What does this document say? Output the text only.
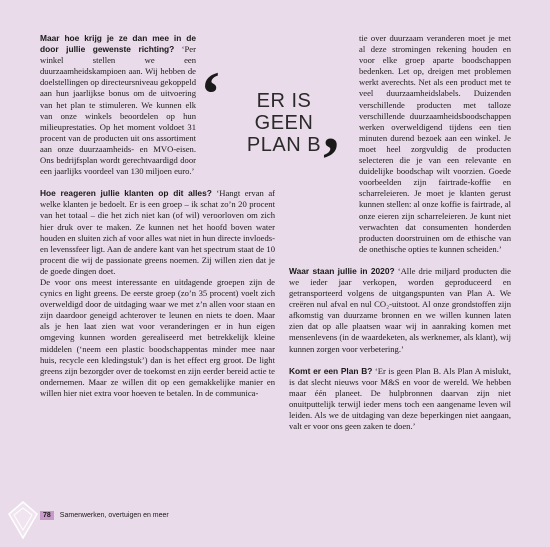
Maar hoe krijg je ze dan mee in de door jullie gewenste richting? ‘Per winkel stellen we een duurzaamheidskampioen aan. Wij hebben de doelstellingen op directeursniveau gekoppeld aan hun jaarlijkse bonus om de uitvoering van het plan te stimuleren. We kunnen elk van onze winkels beoordelen op hun milieuprestaties. Op het moment voldoet 31 procent van de producten uit ons assortiment aan onze duurzaamheids- en MVO-eisen. Ons bedrijfsplan wordt gerechtvaardigd door een jaarlijks voordeel van 130 miljoen euro.’

Hoe reageren jullie klanten op dit alles? ‘Hangt ervan af welke klanten je bedoelt. Er is een groep – ik schat zo’n 20 procent van het totaal – die het zich niet kan (of wil) veroorloven om zich hier druk over te maken. Ze kunnen net het hoofd boven water houden en sluiten zich af voor alles wat niet in hun directe invloeds- en levenssfeer ligt. Aan de andere kant van het spectrum staat de 10 procent die wij de passionate greens noemen. Zij willen zien dat je de goede dingen doet.

De voor ons meest interessante en uitdagende groepen zijn de cynics en light greens. De eerste groep (zo’n 35 procent) voelt zich overweldigd door de uitdaging waar we met z’n allen voor staan en zijn daardoor geneigd achterover te leunen en niets te doen. Maar als je hen laat zien wat voor veranderingen er in hun eigen omgeving kunnen worden gerealiseerd met betrekkelijk kleine middelen (‘neem een plastic boodschappentas minder mee naar huis, recycle een kledingstuk’) dan is het effect erg groot. De light greens zijn bezorgder over de toekomst en zijn eerder bereid actie te ondernemen. Maar ze willen dit op een gemakkelijke manier en willen hier niet extra voor hoeven te betalen. In de communica-

‘	ER IS GEEN PLAN B
’

tie over duurzaam veranderen moet je met al deze stromingen rekening houden en voor elke groep aparte boodschappen bedenken. Let op, dreigen met problemen werkt averechts. Net als een product met te veel duurzaamheidslabels. Duizenden verschillende producten met talloze verschillende duurzaamheidsboodschappen werken overweldigend tijdens een tien minuten durend bezoek aan een winkel. Je moet heel zorgvuldig de producten selecteren die je van een relevante en duidelijke boodschap wilt voorzien. Goede voorbeelden zijn fairtrade-koffie en scharreleieren. Je moet je klanten gerust kunnen stellen: al onze koffie is fairtrade, al onze eieren zijn scharreleieren. Je kunt niet verwachten dat consumenten honderden producten doorstruinen om de ethische van de onethische opties te kunnen scheiden.’

Waar staan jullie in 2020? ‘Alle drie miljard producten die we ieder jaar verkopen, worden geproduceerd en getransporteerd volgens de uitgangspunten van Plan A. We creëren nul afval en nul CO₂-uitstoot. Al onze grondstoffen zijn afkomstig van duurzame bronnen en we willen kunnen laten zien dat op alle plaatsen waar wij in aanraking komen met mensenlevens (in de waardeketen, als werknemer, als klant), wij kunnen zorgen voor verbetering.’

Komt er een Plan B? ‘Er is geen Plan B. Als Plan A mislukt, is dat slecht nieuws voor M&S en voor de wereld. We hebben maar één planeet. De hulpbronnen daarvan zijn niet onuitputtelijk terwijl ieder mens toch een aangename leven wil leiden. Als we de uitdaging van deze beperkingen niet aangaan, valt er voor ons geen zaken te doen.’

78	Samenwerken, overtuigen en meer
